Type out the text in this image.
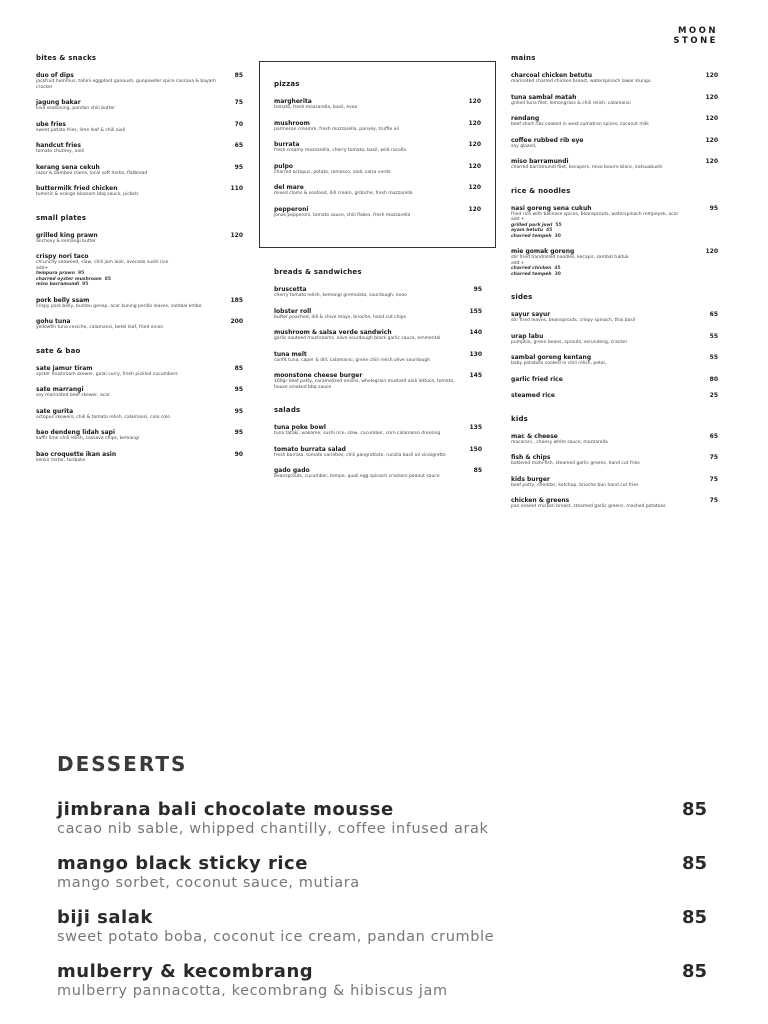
MOON
STONE
bites & snacks
duo of dips	85
jackfruit hummus, tahini eggplant ganoush, gunpowder spice cassava & bayam cracker
jagung bakar	75
kiva seasoning, pandan chili butter
ube fries	70
sweet potato fries, lime leaf & chili aioli
handcut fries	65
tomato chutney, aioli
kerang sena cekuh	95
razor & bamboo clams, local soft herbs, flatbread
buttermilk fried chicken	110
tumeric & orange blossom bbq sauce, pickels
small plates
grilled king prawn	120
anchovy & kemangi butter
crispy nori taco
chrunchy seaweed, slaw, chili jam aioli, avocado sushi rice
add+
tempura prawn 95
charred oyster mushroom 85
miso barramundi 95
pork belly ssam	185
crispy pork belly, bumbu genep, acar kuning perilla leaves, sambal embe
gohu tuna	200
yellowfin tuna ceviche, calamansi, betel leaf, fried onion
sate & bao
sate jamur tiram	85
oyster mushroom skewer, gulai curry, fresh pickled cucumbers
sate marrangi	95
soy marinated beef skewer, acar
sate gurita	95
octopus skewers, chili & tomato relish, calamansi, colo colo
bao dendeng lidah sapi	95
kaffir lime chili relish, cassava chips, kemangi
bao croquette ikan asin	90
kenkir tartar, turibake
pizzas
margherita	120
tomato, fresh mozzarella, basil, evoo
mushroom	120
parmesan creamm, fresh mozzarella, parsely, truffle oil
burrata	120
fresh creamy mozzarella, cherry tomato, basil, wild rucolla
pulpo	120
charred octopus, potato, romesco, aioli, salsa verde
del mare	120
mixed clams & seafood, dill cream, gribiche, fresh mozzarella
pepperoni	120
jonas pepperoni, tomato sauce, chili flakes, fresh mozzarella
breads & sandwiches
bruscetta	95
cherry tomato relish, kemangi gremolata, sourdough, evoo
lobster roll	155
butter poached, dill & chive mayo, brioche, hand cut chips
mushroom & salsa verde sandwich	140
garlic sauteed mushrooms, olive sourdough black garlic sauce, emmental
tuna melt	130
confit tuna, caper & dill, calamansi, green chili relish olive sourdough
moonstone cheese burger	145
160gr beef patty, caramelized onions, wholegrain mustard aioli lettuce, tomato, house smoked bbq sauce
salads
tuna poke bowl	135
tuna tataki, wakame, sushi rice, slaw, cucumber, corn calamansi dressing
tomato burrata salad	150
fresh burrata, tomato varieties, chili pangrattato, rucolla basil oil vinaigrette
gado gado	85
beansprouts, cucumber, tempe, quail egg spinach crackers peanut sauce
mains
charcoal chicken betutu	120
marinated charred chicken breast, waterspinach lawar klungu
tuna sambal matah	120
grilled tuna filet, lemongrass & chili relish, calamansi
rendang	120
beef short ribs cooked in west sumatran spices, coconut milk
coffee rubbed rib eye	120
soy glazed,
miso barramundi	120
charred barramundi filet, kecapers, miso beurre blanc, katsuobushi
rice & noodles
nasi goreng sena cukuh	95
fried rice with balinese spices, beansprouts, waterspinach rempeyek, acar
add +
grilled pork jowl 55
ayam betutu 45
charred tempeh 30
mie gomak goreng	120
stir fried handrolled noodles, kecapir, sambal tuktuk
add +
charred chicken 45
charred tempeh 30
sides
sayur sayur	65
stir fried leaves, beansprouts, crispy spinach, thai basil
urap labu	55
pumpkin, green beans, sprouts, serundeng, cracker
sambal goreng kentang	55
baby potatoes cooked in chili relish, petai,
garlic fried rice	80
steamed rice	25
kids
mac & cheese	65
macaroni , cheesy white sauce, mozzarella
fish & chips	75
battered mahi-fish, steamed garlic greens, hand cut fries
kids burger	75
beef patty, cheddar, ketchup, brioche bun hand cut fries
chicken & greens	75
pan seared chicken breast, steamed garlic greens, mashed potatoes
DESSERTS
jimbrana bali chocolate mousse	85
cacao nib sable, whipped chantilly, coffee infused arak
mango black sticky rice	85
mango sorbet, coconut sauce, mutiara
biji salak	85
sweet potato boba, coconut ice cream, pandan crumble
mulberry & kecombrang	85
mulberry pannacotta, kecombrang & hibiscus jam
